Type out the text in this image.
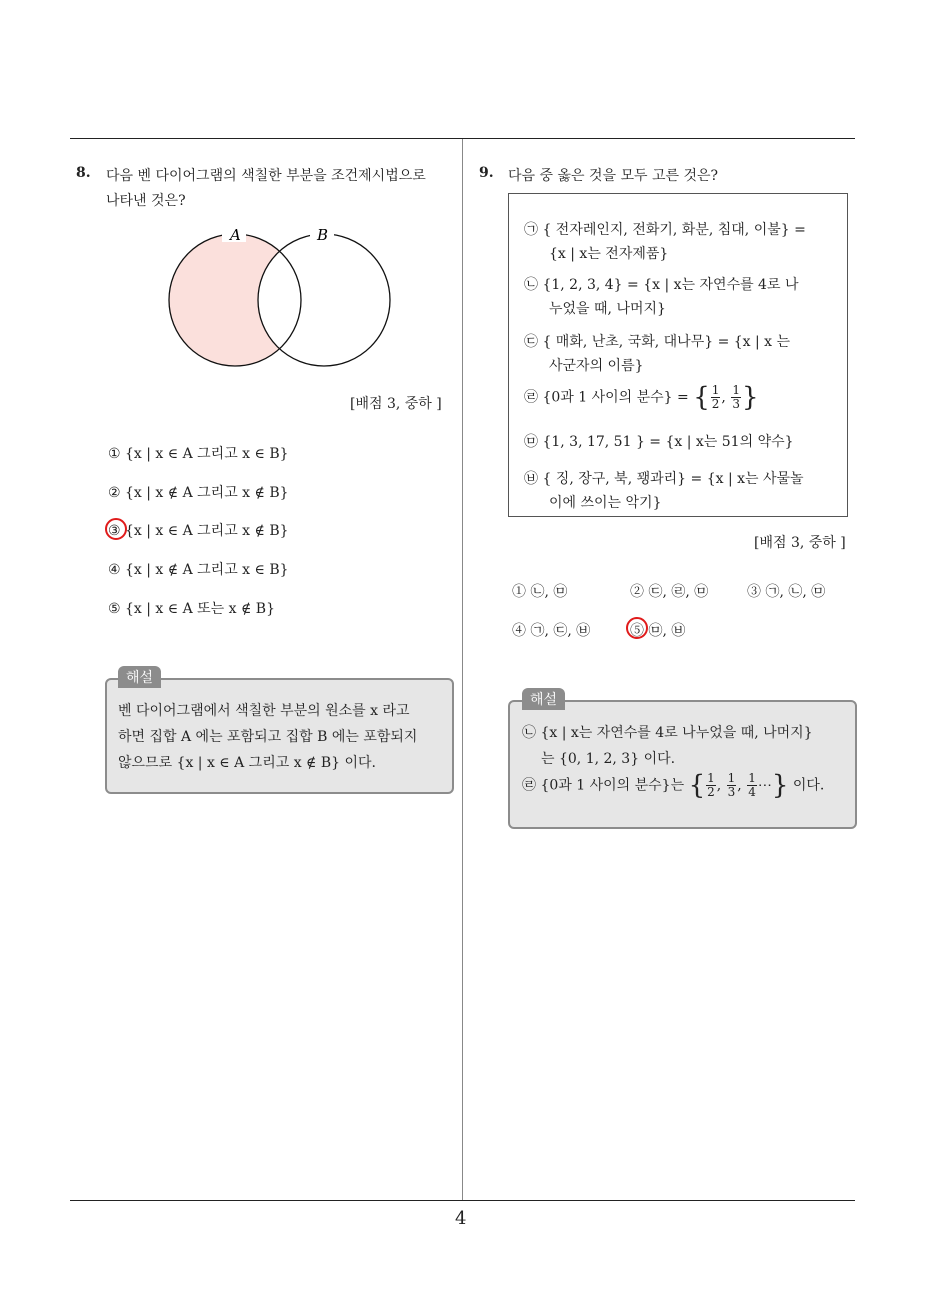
4
8. 다음 벤 다이어그램의 색칠한 부분을 조건제시법으로
나타낸 것은?
A	B
[배점 3, 중하 ]
① {x | x ∈ A 그리고 x ∈ B}
② {x | x ∉ A 그리고 x ∉ B}
③ {x | x ∈ A 그리고 x ∉ B}
④ {x | x ∉ A 그리고 x ∈ B}
⑤ {x | x ∈ A 또는 x ∉ B}
해설
벤 다이어그램에서 색칠한 부분의 원소를 x 라고
하면 집합 A 에는 포함되고 집합 B 에는 포함되지
않으므로 {x | x ∈ A 그리고 x ∉ B} 이다.
9. 다음 중 옳은 것을 모두 고른 것은?
㉠ { 전자레인지, 전화기, 화분, 침대, 이불} =
{x | x는 전자제품}
㉡ {1, 2, 3, 4} = {x | x는 자연수를 4로 나
누었을 때, 나머지}
㉢ { 매화, 난초, 국화, 대나무} = {x | x 는
사군자의 이름}
㉣ {0과 1 사이의 분수} = { $\frac{1}{2}$ , $\frac{1}{3}$ }
㉤ {1, 3, 17, 51 } = {x | x는 51의 약수}
㉥ { 징, 장구, 북, 꽹과리} = {x | x는 사물놀
이에 쓰이는 악기}
[배점 3, 중하 ]
① ㉡, ㉤	② ㉢, ㉣, ㉤	③ ㉠, ㉡, ㉤
④ ㉠, ㉢, ㉥	⑤ ㉤, ㉥
해설
㉡ {x | x는 자연수를 4로 나누었을 때, 나머지}
는 {0, 1, 2, 3} 이다.
㉣ {0과 1 사이의 분수}는 { $\frac{1}{2}$ , $\frac{1}{3}$ , $\frac{1}{4}$ ⋯} 이다.
